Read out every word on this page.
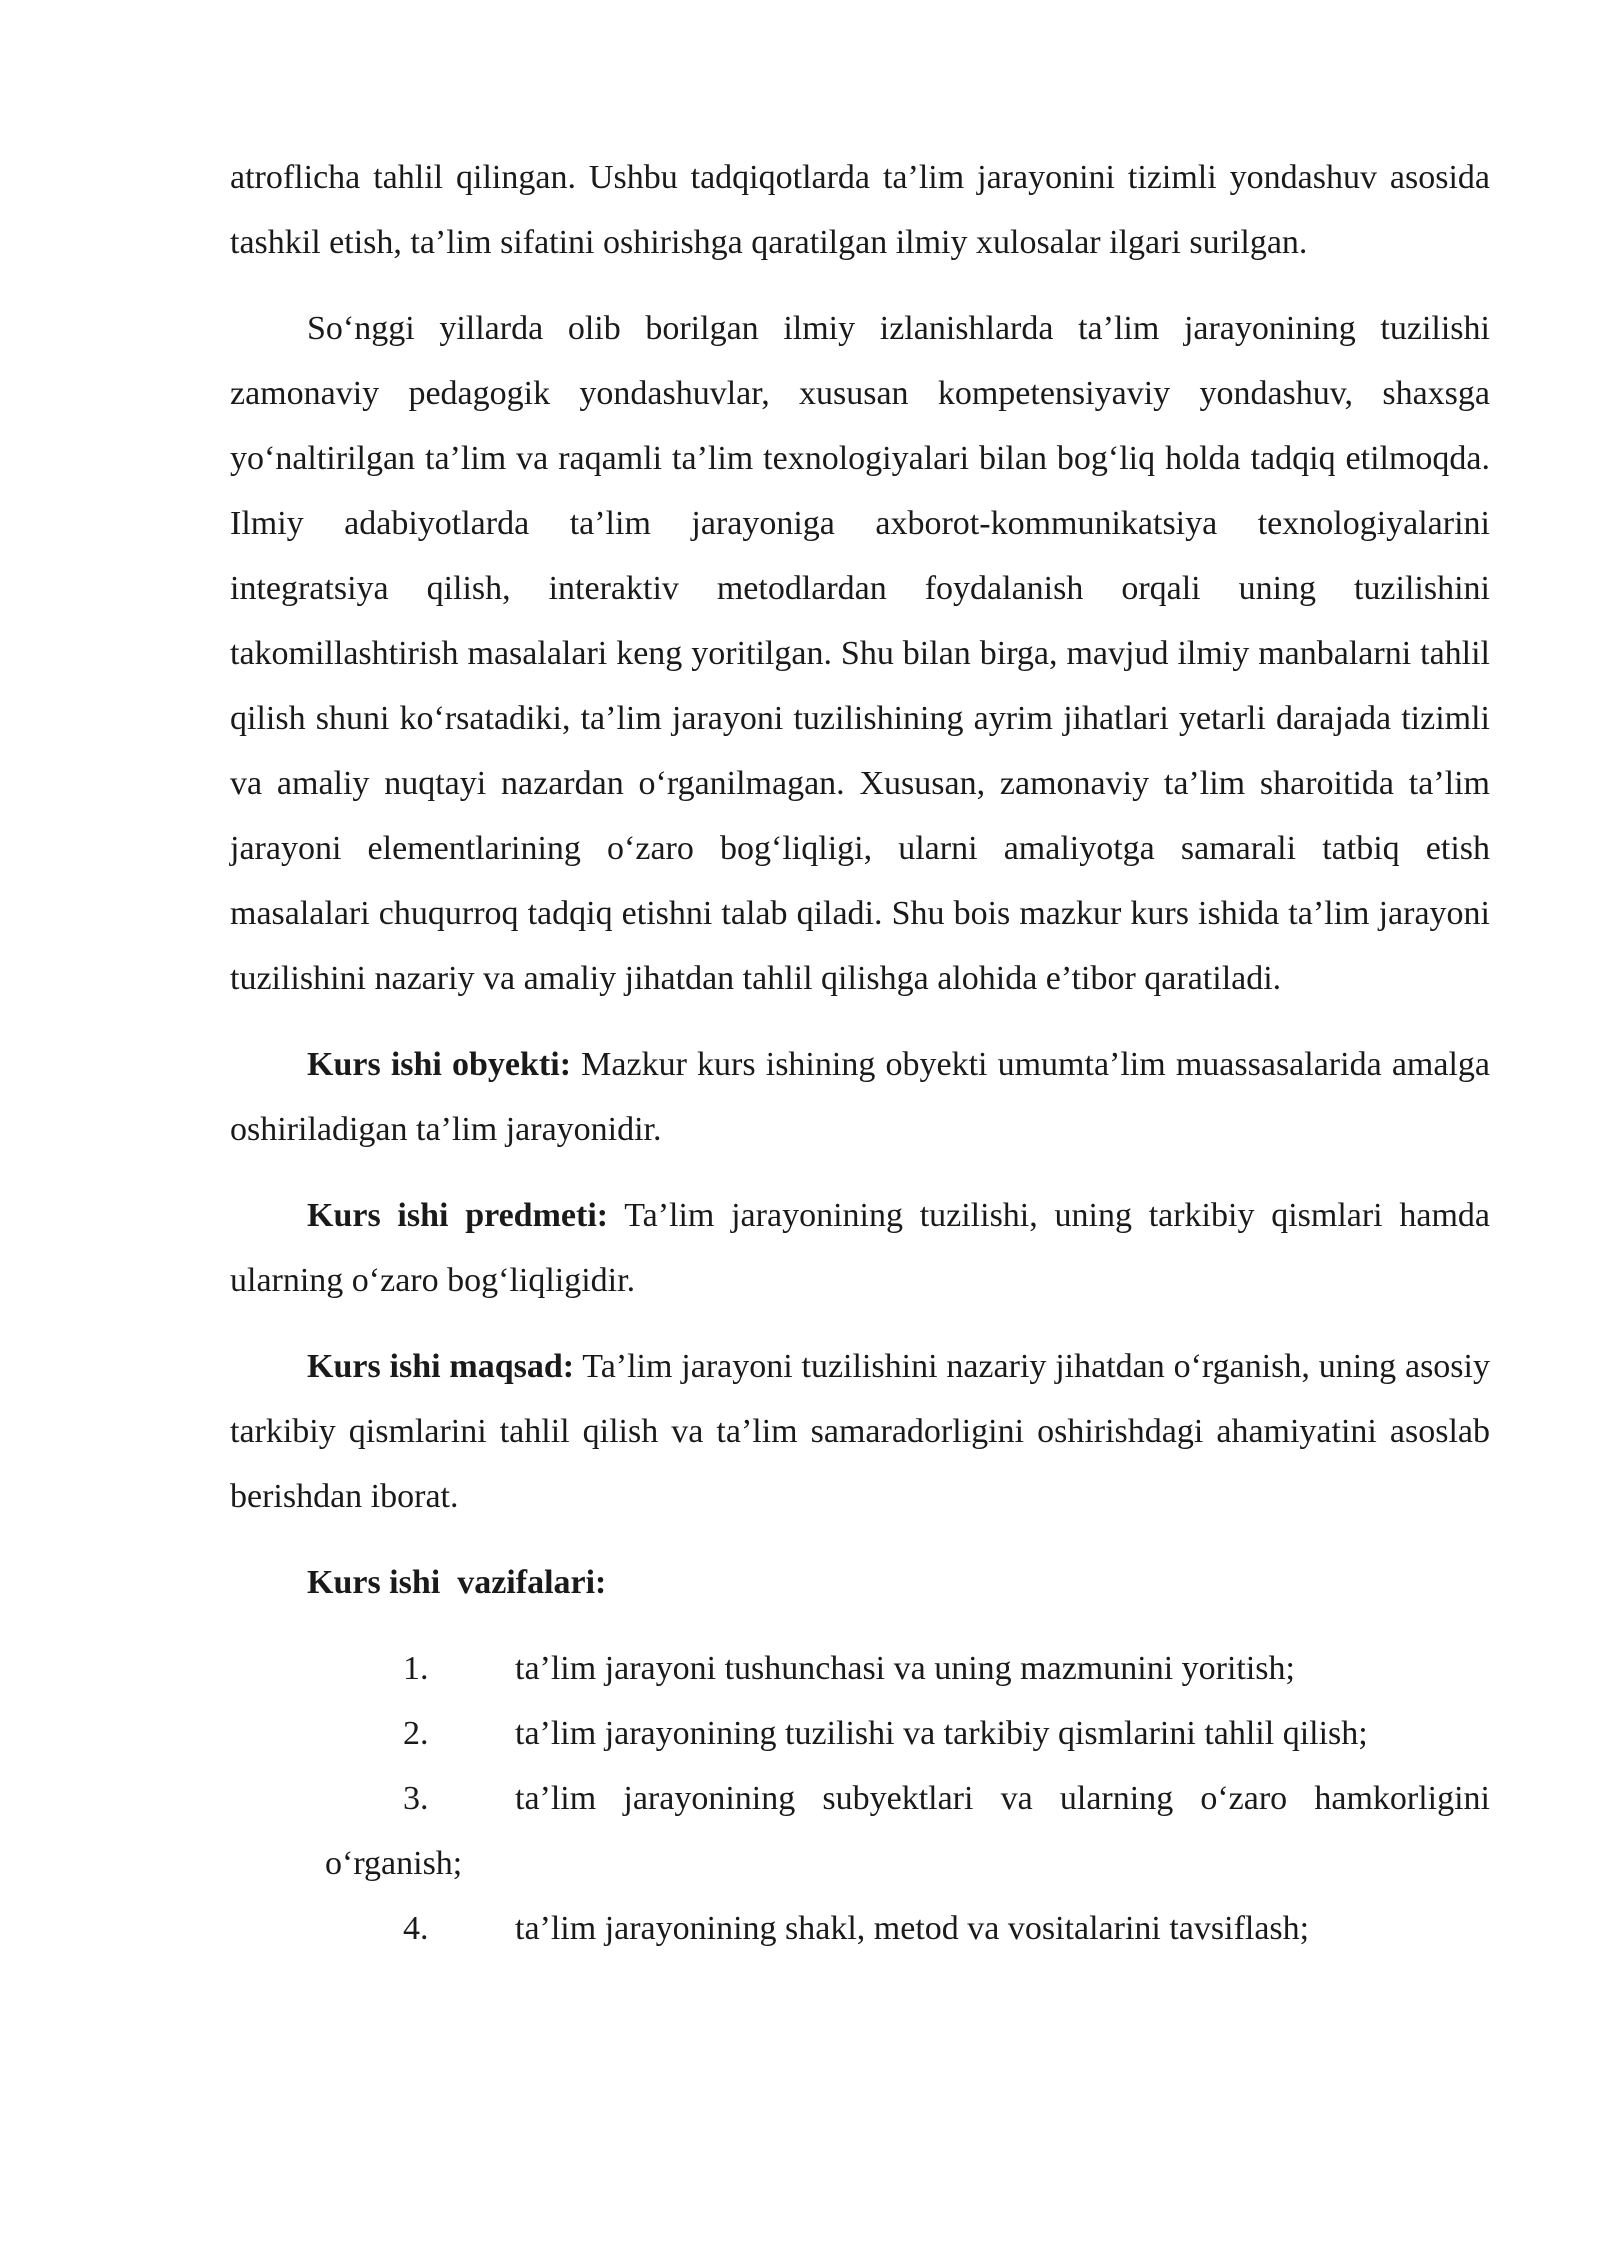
atroflicha tahlil qilingan. Ushbu tadqiqotlarda ta’lim jarayonini tizimli yondashuv asosida tashkil etish, ta’lim sifatini oshirishga qaratilgan ilmiy xulosalar ilgari surilgan.

So‘nggi yillarda olib borilgan ilmiy izlanishlarda ta’lim jarayonining tuzilishi zamonaviy pedagogik yondashuvlar, xususan kompetensiyaviy yondashuv, shaxsga yo‘naltirilgan ta’lim va raqamli ta’lim texnologiyalari bilan bog‘liq holda tadqiq etilmoqda. Ilmiy adabiyotlarda ta’lim jarayoniga axborot-kommunikatsiya texnologiyalarini integratsiya qilish, interaktiv metodlardan foydalanish orqali uning tuzilishini takomillashtirish masalalari keng yoritilgan. Shu bilan birga, mavjud ilmiy manbalarni tahlil qilish shuni ko‘rsatadiki, ta’lim jarayoni tuzilishining ayrim jihatlari yetarli darajada tizimli va amaliy nuqtayi nazardan o‘rganilmagan. Xususan, zamonaviy ta’lim sharoitida ta’lim jarayoni elementlarining o‘zaro bog‘liqligi, ularni amaliyotga samarali tatbiq etish masalalari chuqurroq tadqiq etishni talab qiladi. Shu bois mazkur kurs ishida ta’lim jarayoni tuzilishini nazariy va amaliy jihatdan tahlil qilishga alohida e’tibor qaratiladi.

Kurs ishi obyekti: Mazkur kurs ishining obyekti umumta’lim muassasalarida amalga oshiriladigan ta’lim jarayonidir.

Kurs ishi predmeti: Ta’lim jarayonining tuzilishi, uning tarkibiy qismlari hamda ularning o‘zaro bog‘liqligidir.

Kurs ishi maqsad: Ta’lim jarayoni tuzilishini nazariy jihatdan o‘rganish, uning asosiy tarkibiy qismlarini tahlil qilish va ta’lim samaradorligini oshirishdagi ahamiyatini asoslab berishdan iborat.

Kurs ishi  vazifalari:

1.	ta’lim jarayoni tushunchasi va uning mazmunini yoritish;
2.	ta’lim jarayonining tuzilishi va tarkibiy qismlarini tahlil qilish;
3.	ta’lim jarayonining subyektlari va ularning o‘zaro hamkorligini
o‘rganish;
4.	ta’lim jarayonining shakl, metod va vositalarini tavsiflash;
